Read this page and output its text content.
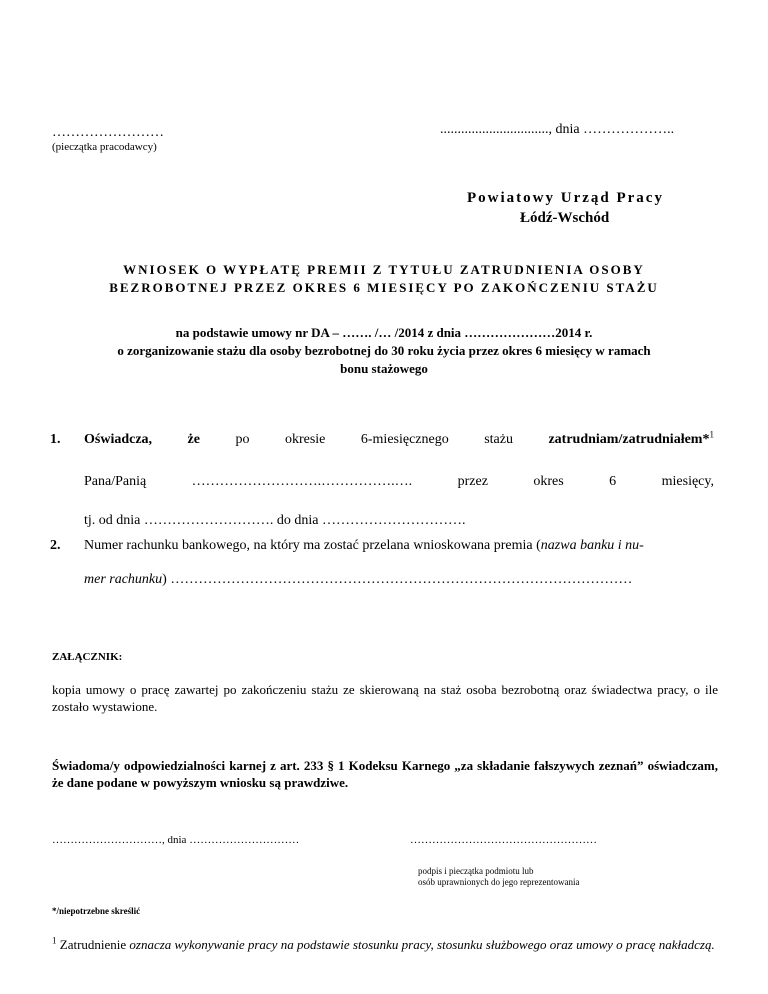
……………………
(pieczątka pracodawcy)
..............................., dnia ………………..
Powiatowy Urząd Pracy
Łódź-Wschód
WNIOSEK O WYPŁATĘ PREMII Z TYTUŁU ZATRUDNIENIA OSOBY
BEZROBOTNEJ PRZEZ OKRES 6 MIESIĘCY PO ZAKOŃCZENIU STAŻU
na podstawie umowy nr DA – ……. /… /2014 z dnia …………………2014 r.
o zorganizowanie stażu dla osoby bezrobotnej do 30 roku życia przez okres 6 miesięcy w ramach
bonu stażowego
1. Oświadcza,	że	po	okresie	6-miesięcznego	stażu	zatrudniam/zatrudniałem*$^1$
Pana/Panią	……………………….…………….….	przez	okres	6	miesięcy,
tj. od dnia ………………………. do dnia ………………………….
2. Numer rachunku bankowego, na który ma zostać przelana wnioskowana premia (nazwa banku i nu-
mer rachunku) ………………………………………………………………………………………
ZAŁĄCZNIK:
kopia umowy o pracę zawartej po zakończeniu stażu ze skierowaną na staż osoba bezrobotną oraz świadectwa pracy, o ile zostało wystawione.
Świadoma/y odpowiedzialności karnej z art. 233 § 1 Kodeksu Karnego „za składanie fałszywych zeznań” oświadczam, że dane podane w powyższym wniosku są prawdziwe.
…………………………, dnia …………………………	……………………………………………
podpis i pieczątka podmiotu lub
osób uprawnionych do jego reprezentowania
*/niepotrzebne skreślić
$^1$ Zatrudnienie oznacza wykonywanie pracy na podstawie stosunku pracy, stosunku służbowego oraz umowy o pracę nakładczą.
